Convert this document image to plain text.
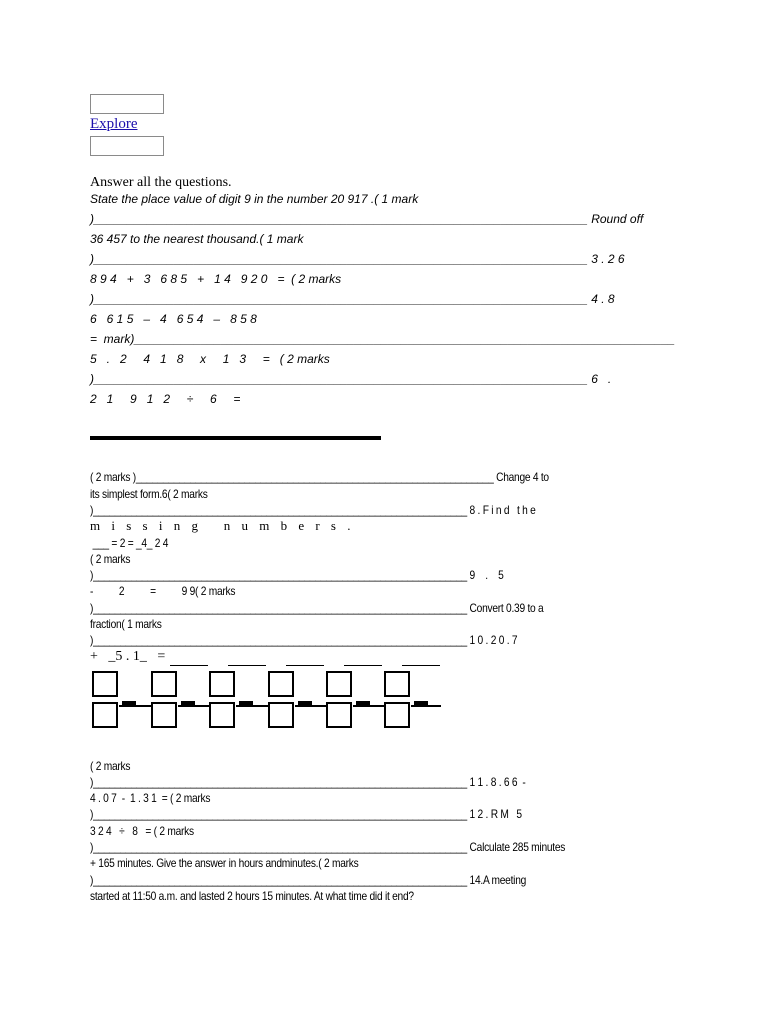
Explore
Answer all the questions.
State the place value of digit 9 in the number 20 917 .( 1 mark
)__________________________________________________________________________ Round off
36 457 to the nearest thousand.( 1 mark
)__________________________________________________________________________ 3 . 2 6
8 9 4   +   3   6 8 5   +   1 4   9 2 0   =  ( 2 marks
)__________________________________________________________________________ 4 . 8
6   6 1 5   –   4   6 5 4   –   8 5 8
=  mark)_________________________________________________________________________________
5   .   2     4   1   8     x     1   3     =   ( 2 marks
)__________________________________________________________________________ 6   .
2   1     9   1   2     ÷     6     =
( 2 marks )__________________________________________________________________ Change 4 to
its simplest form.6( 2 marks
)_____________________________________________________________________ 8 . F i n d   t h e
m i s s i n g   n u m b e r s .
___ = 2 = _4_ 2 4
( 2 marks
)_____________________________________________________________________ 9    .    5
-          2          =          9 9( 2 marks
)_____________________________________________________________________ Convert 0.39 to a
fraction( 1 marks
)_____________________________________________________________________ 1 0 . 2 0 . 7
+   _5 . 1_   =
( 2 marks
)_____________________________________________________________________ 1 1 . 8 . 6 6  -
4 . 0 7  -  1 . 3 1  = ( 2 marks
)_____________________________________________________________________ 1 2 . R M   5
3 2 4   ÷   8   = ( 2 marks
)_____________________________________________________________________ Calculate 285 minutes
+ 165 minutes. Give the answer in hours andminutes.( 2 marks
)_____________________________________________________________________ 14.A meeting
started at 11:50 a.m. and lasted 2 hours 15 minutes. At what time did it end?
